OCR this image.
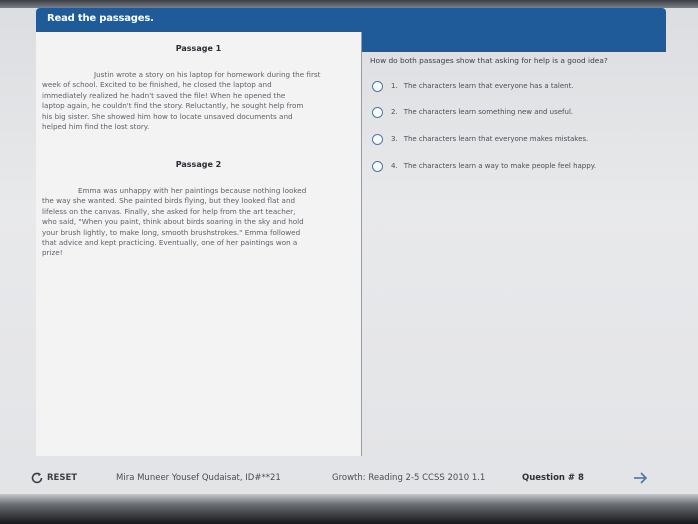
Read the passages.
Passage 1
Justin wrote a story on his laptop for homework during the first
week of school. Excited to be finished, he closed the laptop and
immediately realized he hadn't saved the file! When he opened the
laptop again, he couldn't find the story. Reluctantly, he sought help from
his big sister. She showed him how to locate unsaved documents and
helped him find the lost story.
Passage 2
Emma was unhappy with her paintings because nothing looked
the way she wanted. She painted birds flying, but they looked flat and
lifeless on the canvas. Finally, she asked for help from the art teacher,
who said, "When you paint, think about birds soaring in the sky and hold
your brush lightly, to make long, smooth brushstrokes." Emma followed
that advice and kept practicing. Eventually, one of her paintings won a
prize!
How do both passages show that asking for help is a good idea?
1. The characters learn that everyone has a talent.
2. The characters learn something new and useful.
3. The characters learn that everyone makes mistakes.
4. The characters learn a way to make people feel happy.
RESET	Mira Muneer Yousef Qudaisat, ID#**21	Growth: Reading 2-5 CCSS 2010 1.1	Question # 8
